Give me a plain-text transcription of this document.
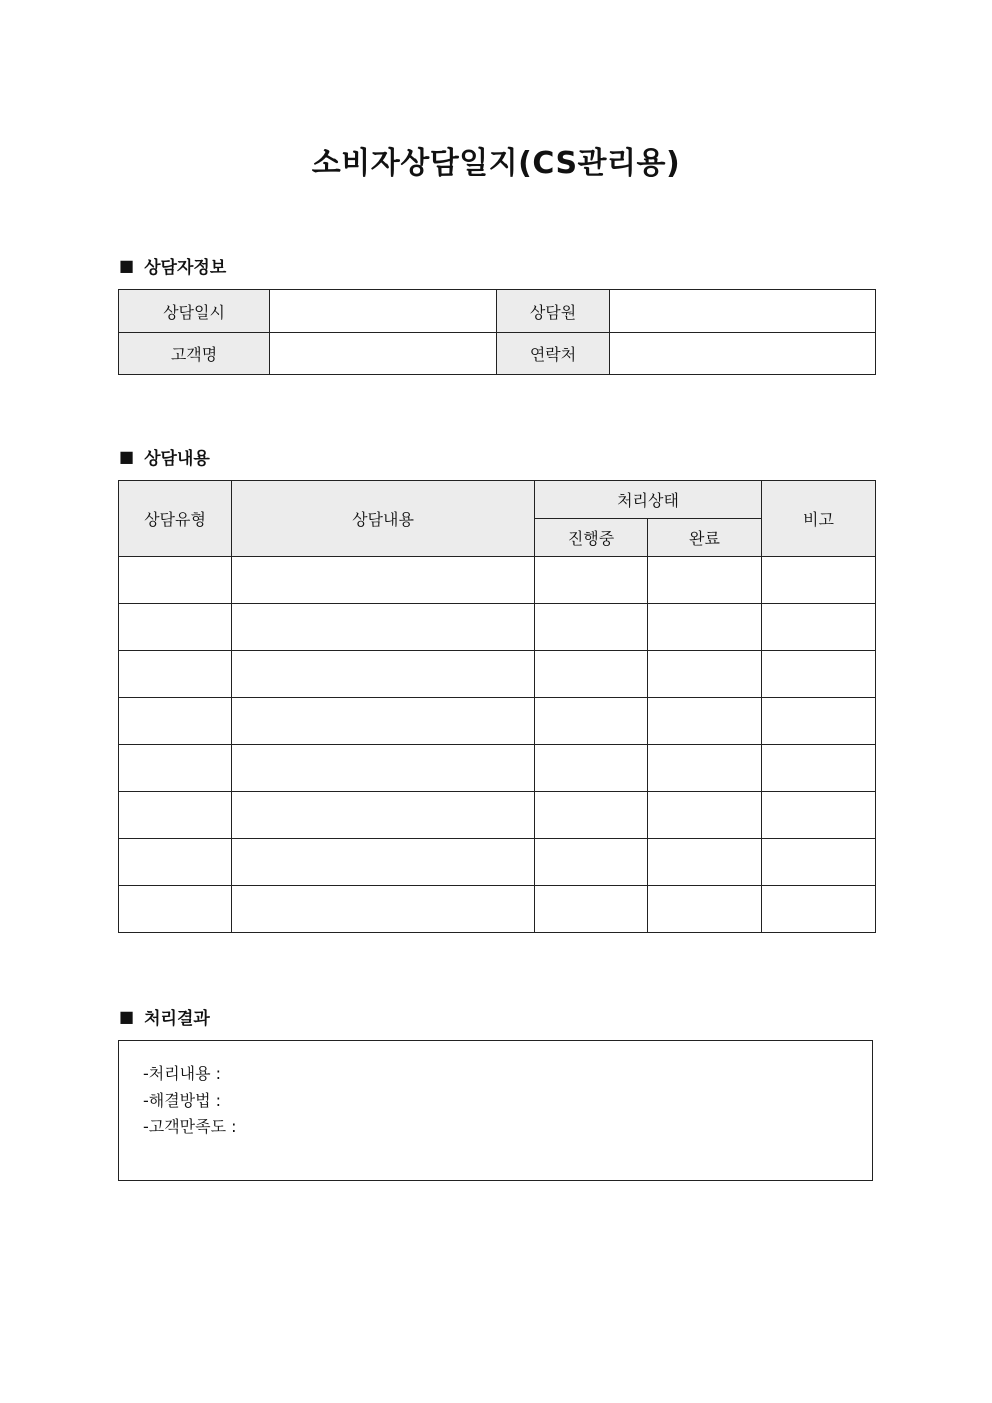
소비자상담일지(CS관리용)
■ 상담자정보
상담일시		상담원	
고객명		연락처	
■ 상담내용
상담유형	상담내용	처리상태		비고
		진행중	완료	

■ 처리결과
-처리내용 :
-해결방법 :
-고객만족도 :
